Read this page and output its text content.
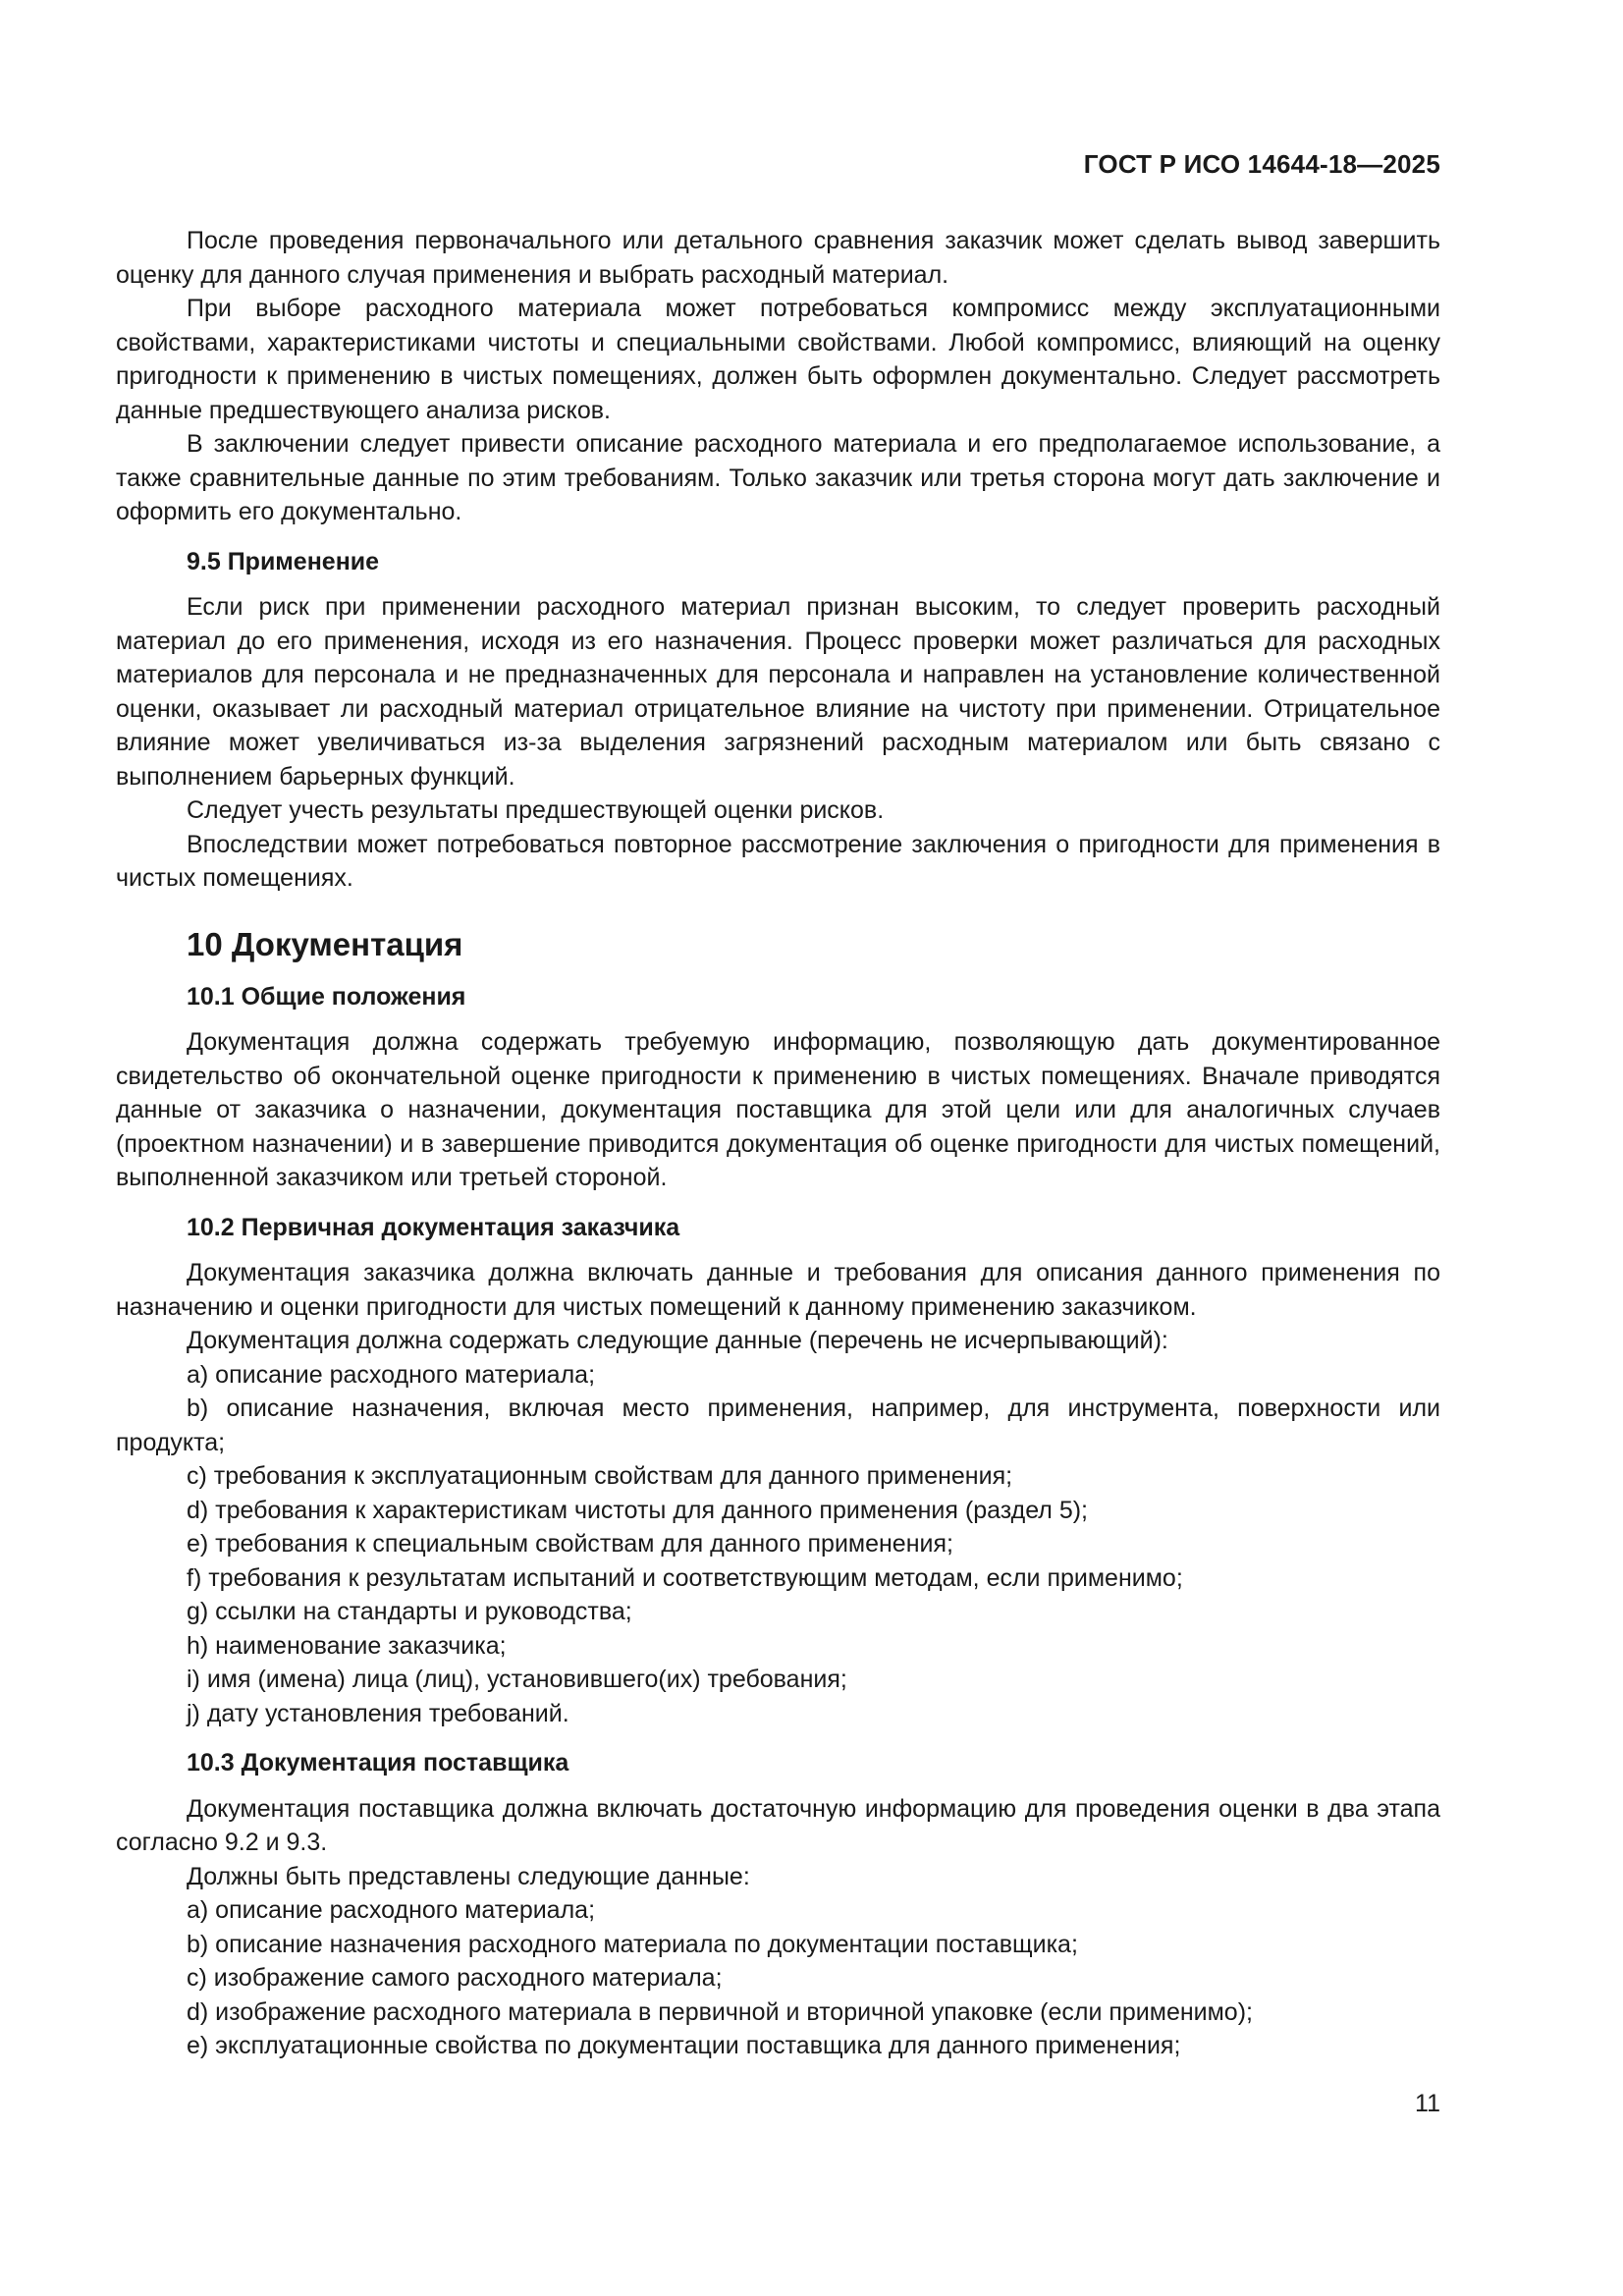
ГОСТ Р ИСО 14644-18—2025

После проведения первоначального или детального сравнения заказчик может сделать вывод завершить оценку для данного случая применения и выбрать расходный материал.

При выборе расходного материала может потребоваться компромисс между эксплуатационными свойствами, характеристиками чистоты и специальными свойствами. Любой компромисс, влияющий на оценку пригодности к применению в чистых помещениях, должен быть оформлен документально. Следует рассмотреть данные предшествующего анализа рисков.

В заключении следует привести описание расходного материала и его предполагаемое использование, а также сравнительные данные по этим требованиям. Только заказчик или третья сторона могут дать заключение и оформить его документально.

9.5 Применение

Если риск при применении расходного материал признан высоким, то следует проверить расходный материал до его применения, исходя из его назначения. Процесс проверки может различаться для расходных материалов для персонала и не предназначенных для персонала и направлен на установление количественной оценки, оказывает ли расходный материал отрицательное влияние на чистоту при применении. Отрицательное влияние может увеличиваться из-за выделения загрязнений расходным материалом или быть связано с выполнением барьерных функций.

Следует учесть результаты предшествующей оценки рисков.

Впоследствии может потребоваться повторное рассмотрение заключения о пригодности для применения в чистых помещениях.

10 Документация
10.1 Общие положения

Документация должна содержать требуемую информацию, позволяющую дать документированное свидетельство об окончательной оценке пригодности к применению в чистых помещениях. Вначале приводятся данные от заказчика о назначении, документация поставщика для этой цели или для аналогичных случаев (проектном назначении) и в завершение приводится документация об оценке пригодности для чистых помещений, выполненной заказчиком или третьей стороной.

10.2 Первичная документация заказчика

Документация заказчика должна включать данные и требования для описания данного применения по назначению и оценки пригодности для чистых помещений к данному применению заказчиком.

Документация должна содержать следующие данные (перечень не исчерпывающий):

a) описание расходного материала;

b) описание назначения, включая место применения, например, для инструмента, поверхности или продукта;

c) требования к эксплуатационным свойствам для данного применения;

d) требования к характеристикам чистоты для данного применения (раздел 5);

e) требования к специальным свойствам для данного применения;

f) требования к результатам испытаний и соответствующим методам, если применимо;

g) ссылки на стандарты и руководства;

h) наименование заказчика;

i) имя (имена) лица (лиц), установившего(их) требования;

j) дату установления требований.

10.3 Документация поставщика

Документация поставщика должна включать достаточную информацию для проведения оценки в два этапа согласно 9.2 и 9.3.

Должны быть представлены следующие данные:

a) описание расходного материала;

b) описание назначения расходного материала по документации поставщика;

c) изображение самого расходного материала;

d) изображение расходного материала в первичной и вторичной упаковке (если применимо);

e) эксплуатационные свойства по документации поставщика для данного применения;

11
